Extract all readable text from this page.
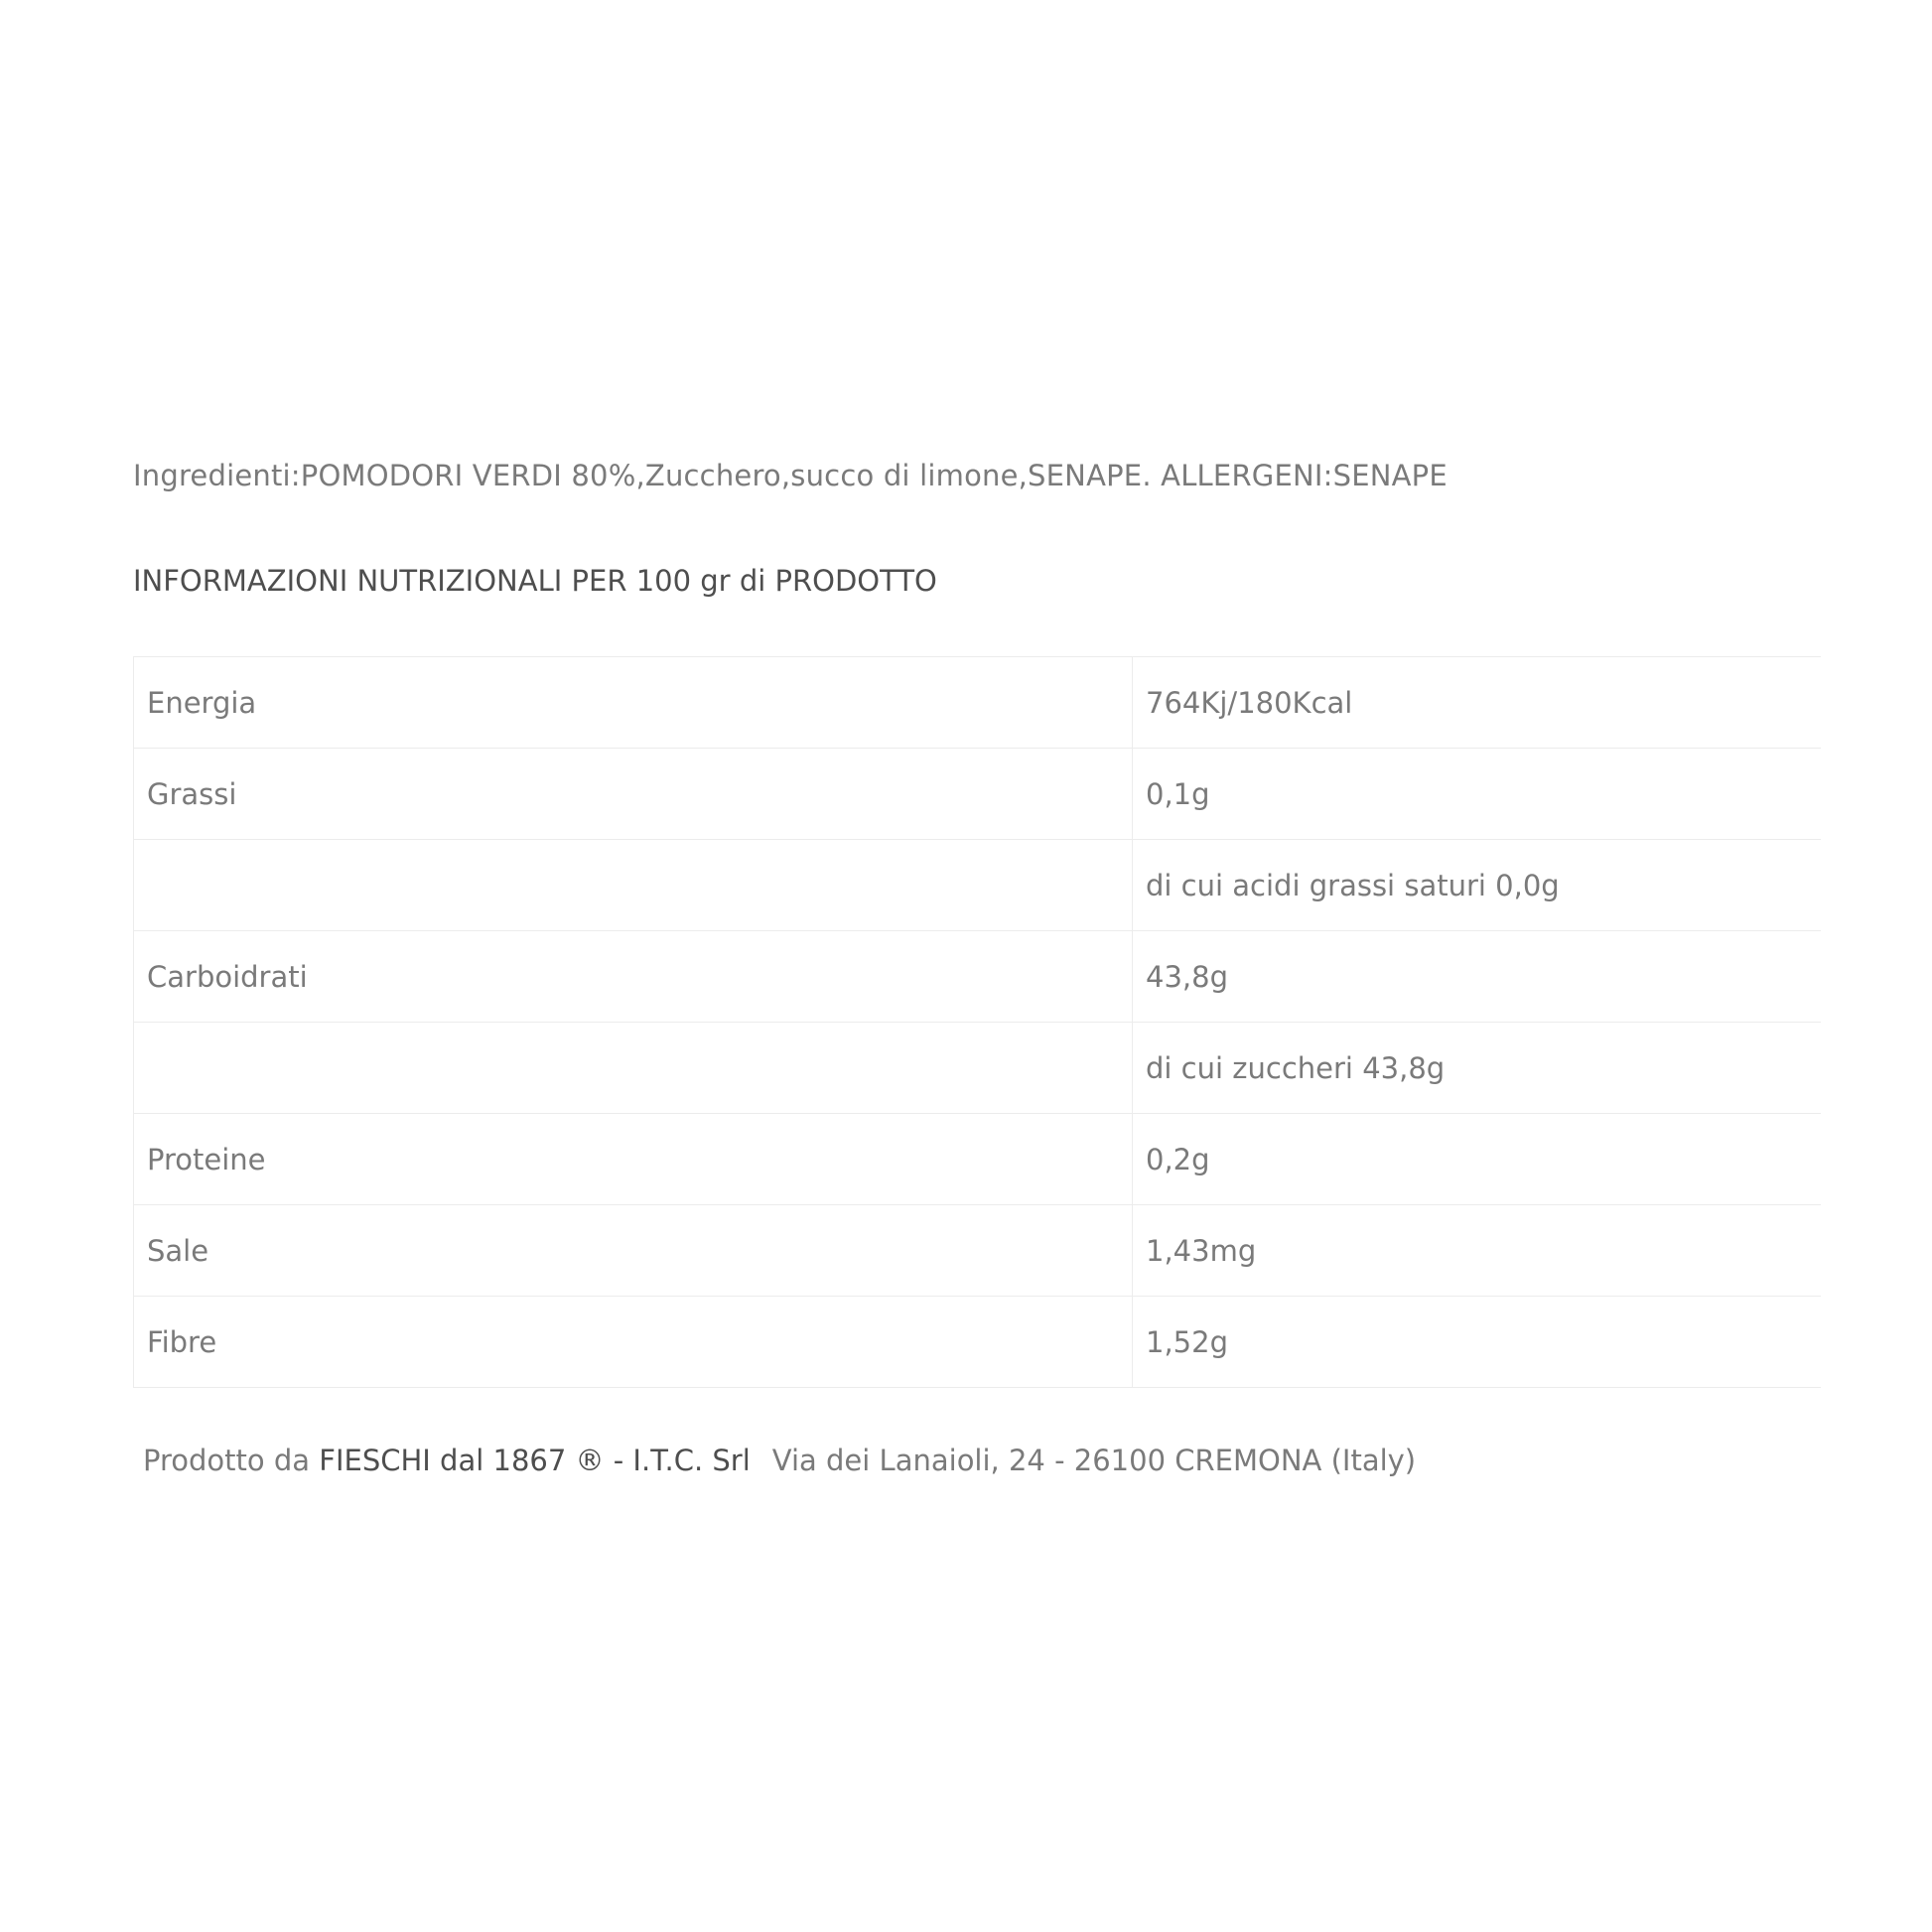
Ingredienti:POMODORI VERDI 80%,Zucchero,succo di limone,SENAPE. ALLERGENI:SENAPE
INFORMAZIONI NUTRIZIONALI PER 100 gr di PRODOTTO
Energia	764Kj/180Kcal
Grassi	0,1g
	di cui acidi grassi saturi 0,0g
Carboidrati	43,8g
	di cui zuccheri 43,8g
Proteine	0,2g
Sale	1,43mg
Fibre	1,52g
Prodotto da FIESCHI dal 1867 ® - I.T.C. Srl Via dei Lanaioli, 24 - 26100 CREMONA (Italy)
